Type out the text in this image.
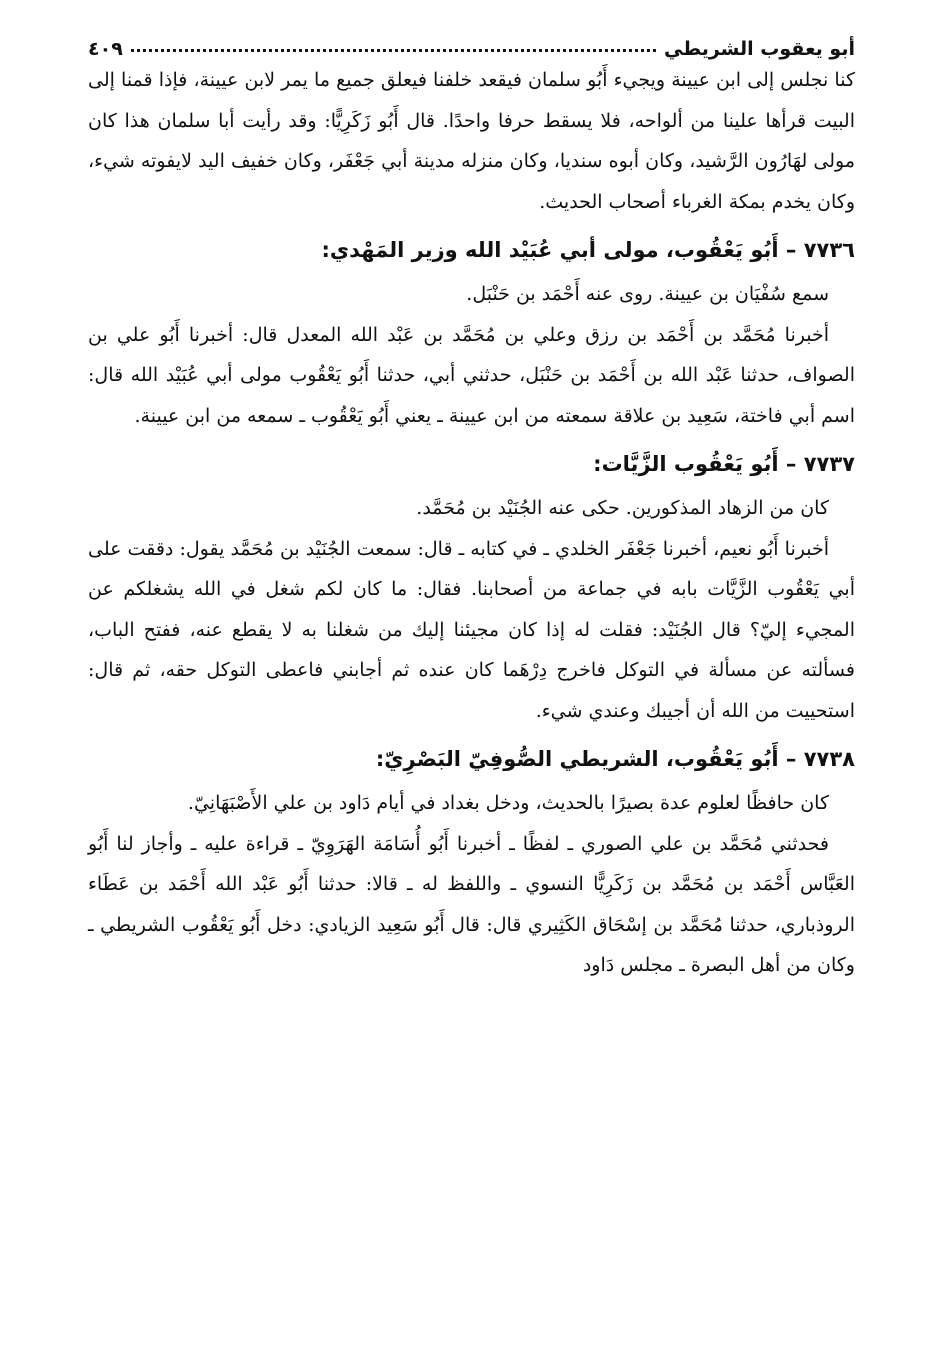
أبو يعقوب الشريطي
٤٠٩

كنا نجلس إلى ابن عيينة ويجيء أَبُو سلمان فيقعد خلفنا فيعلق جميع ما يمر لابن عيينة، فإذا قمنا إلى البيت قرأها علينا من ألواحه، فلا يسقط حرفا واحدًا. قال أَبُو زَكَرِيًّا: وقد رأيت أبا سلمان هذا كان مولى لهَارُون الرَّشيد، وكان أبوه سنديا، وكان منزله مدينة أبي جَعْفَر، وكان خفيف اليد لايفوته شيء، وكان يخدم بمكة الغرباء أصحاب الحديث.

٧٧٣٦ – أَبُو يَعْقُوب، مولى أبي عُبَيْد الله وزير المَهْدي:

سمع سُفْيَان بن عيينة. روى عنه أَحْمَد بن حَنْبَل.

أخبرنا مُحَمَّد بن أَحْمَد بن رزق وعلي بن مُحَمَّد بن عَبْد الله المعدل قال: أخبرنا أَبُو علي بن الصواف، حدثنا عَبْد الله بن أَحْمَد بن حَنْبَل، حدثني أبي، حدثنا أَبُو يَعْقُوب مولى أبي عُبَيْد الله قال: اسم أبي فاختة، سَعِيد بن علاقة سمعته من ابن عيينة ـ يعني أَبُو يَعْقُوب ـ سمعه من ابن عيينة.

٧٧٣٧ – أَبُو يَعْقُوب الزَّيَّات:

كان من الزهاد المذكورين. حكى عنه الجُنَيْد بن مُحَمَّد.

أخبرنا أَبُو نعيم، أخبرنا جَعْفَر الخلدي ـ في كتابه ـ قال: سمعت الجُنَيْد بن مُحَمَّد يقول: دققت على أبي يَعْقُوب الزَّيَّات بابه في جماعة من أصحابنا. فقال: ما كان لكم شغل في الله يشغلكم عن المجيء إليّ؟ قال الجُنَيْد: فقلت له إذا كان مجيئنا إليك من شغلنا به لا يقطع عنه، ففتح الباب، فسألته عن مسألة في التوكل فاخرج دِرْهَما كان عنده ثم أجابني فاعطى التوكل حقه، ثم قال: استحييت من الله أن أجيبك وعندي شيء.

٧٧٣٨ – أَبُو يَعْقُوب، الشريطي الصُّوفِيّ البَصْرِيّ:

كان حافظًا لعلوم عدة بصيرًا بالحديث، ودخل بغداد في أيام دَاود بن علي الأَصْبَهَانِيّ.

فحدثني مُحَمَّد بن علي الصوري ـ لفظًا ـ أخبرنا أَبُو أُسَامَة الهَرَوِيّ ـ قراءة عليه ـ وأجاز لنا أَبُو العَبَّاس أَحْمَد بن مُحَمَّد بن زَكَرِيًّا النسوي ـ واللفظ له ـ قالا: حدثنا أَبُو عَبْد الله أَحْمَد بن عَطَاء الروذباري، حدثنا مُحَمَّد بن إسْحَاق الكَثِيري قال: قال أَبُو سَعِيد الزيادي: دخل أَبُو يَعْقُوب الشريطي ـ وكان من أهل البصرة ـ مجلس دَاود
